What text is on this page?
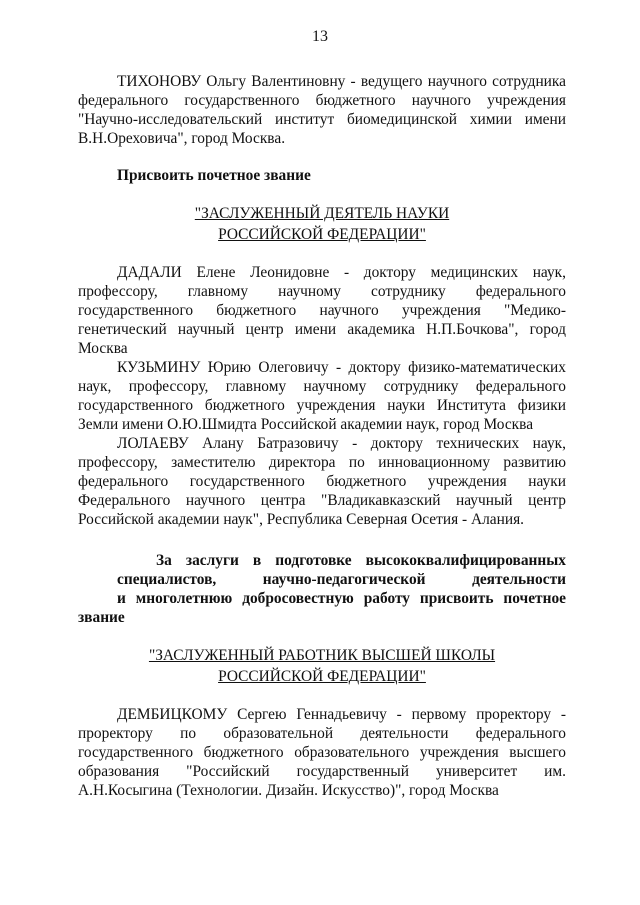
13

ТИХОНОВУ Ольгу Валентиновну - ведущего научного сотрудника федерального государственного бюджетного научного учреждения "Научно-исследовательский институт биомедицинской химии имени В.Н.Ореховича", город Москва.

Присвоить почетное звание

"ЗАСЛУЖЕННЫЙ ДЕЯТЕЛЬ НАУКИ

РОССИЙСКОЙ ФЕДЕРАЦИИ"

ДАДАЛИ Елене Леонидовне - доктору медицинских наук, профессору, главному научному сотруднику федерального государственного бюджетного научного учреждения "Медико-генетический научный центр имени академика Н.П.Бочкова", город Москва

КУЗЬМИНУ Юрию Олеговичу - доктору физико-математических наук, профессору, главному научному сотруднику федерального государственного бюджетного учреждения науки Института физики Земли имени О.Ю.Шмидта Российской академии наук, город Москва

ЛОЛАЕВУ Алану Батразовичу - доктору технических наук, профессору, заместителю директора по инновационному развитию федерального государственного бюджетного учреждения науки Федерального научного центра "Владикавказский научный центр Российской академии наук", Республика Северная Осетия - Алания.

За заслуги в подготовке высококвалифицированных
специалистов, научно-педагогической деятельности
и многолетнюю добросовестную работу присвоить почетное звание

"ЗАСЛУЖЕННЫЙ РАБОТНИК ВЫСШЕЙ ШКОЛЫ

РОССИЙСКОЙ ФЕДЕРАЦИИ"

ДЕМБИЦКОМУ Сергею Геннадьевичу - первому проректору - проректору по образовательной деятельности федерального государственного бюджетного образовательного учреждения высшего образования "Российский государственный университет им. А.Н.Косыгина (Технологии. Дизайн. Искусство)", город Москва
